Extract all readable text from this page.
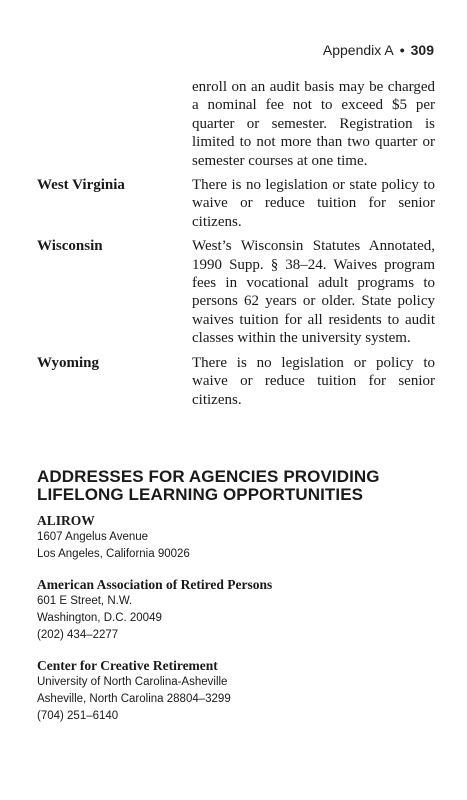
Appendix A • 309
enroll on an audit basis may be charged a nominal fee not to exceed $5 per quarter or semester. Registration is limited to not more than two quarter or semester courses at one time.
West Virginia	There is no legislation or state policy to waive or reduce tuition for senior citizens.
Wisconsin	West’s Wisconsin Statutes Annotated, 1990 Supp. § 38–24. Waives program fees in vocational adult programs to persons 62 years or older. State policy waives tuition for all residents to audit classes within the university system.
Wyoming	There is no legislation or policy to waive or reduce tuition for senior citizens.
ADDRESSES FOR AGENCIES PROVIDING
LIFELONG LEARNING OPPORTUNITIES
ALIROW
1607 Angelus Avenue
Los Angeles, California 90026
American Association of Retired Persons
601 E Street, N.W.
Washington, D.C. 20049
(202) 434–2277
Center for Creative Retirement
University of North Carolina-Asheville
Asheville, North Carolina 28804–3299
(704) 251–6140
